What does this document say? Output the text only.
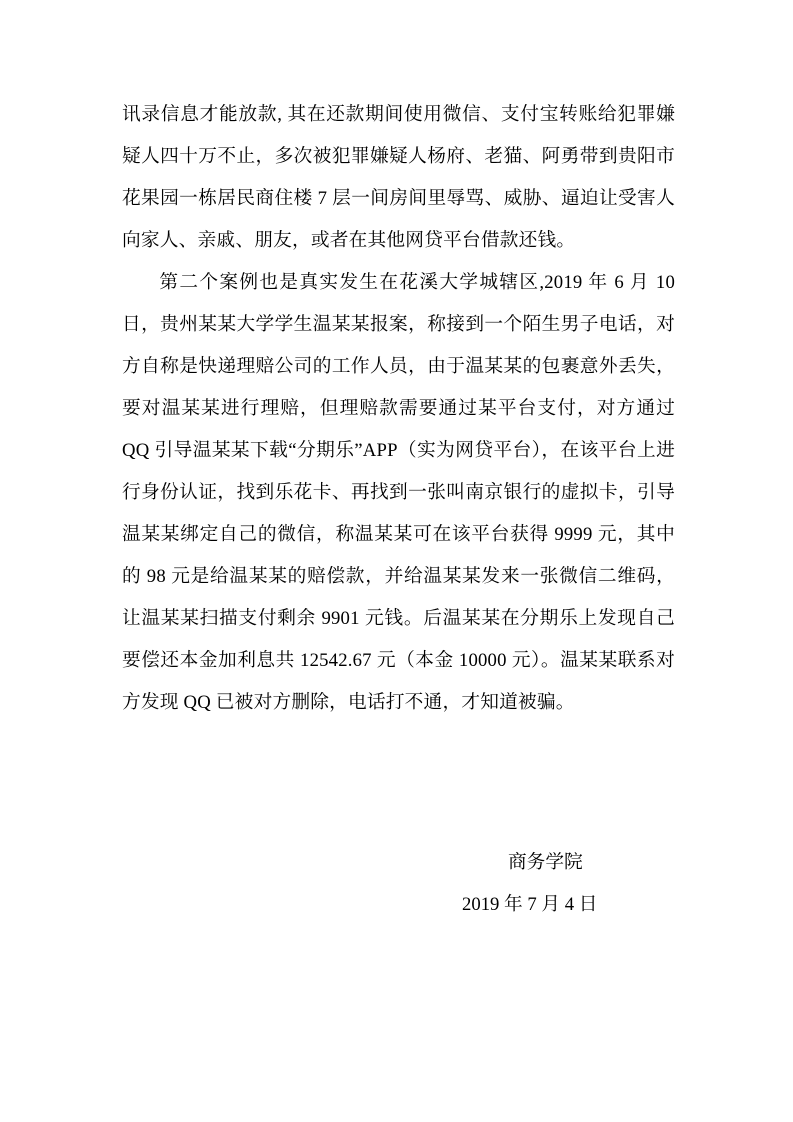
讯录信息才能放款, 其在还款期间使用微信、支付宝转账给犯罪嫌疑人四十万不止，多次被犯罪嫌疑人杨府、老猫、阿勇带到贵阳市花果园一栋居民商住楼 7 层一间房间里辱骂、威胁、逼迫让受害人向家人、亲戚、朋友，或者在其他网贷平台借款还钱。

第二个案例也是真实发生在花溪大学城辖区,2019 年 6 月 10 日，贵州某某大学学生温某某报案，称接到一个陌生男子电话，对方自称是快递理赔公司的工作人员，由于温某某的包裹意外丢失，要对温某某进行理赔，但理赔款需要通过某平台支付，对方通过 QQ 引导温某某下载“分期乐”APP（实为网贷平台），在该平台上进行身份认证，找到乐花卡、再找到一张叫南京银行的虚拟卡，引导温某某绑定自己的微信，称温某某可在该平台获得 9999 元，其中的 98 元是给温某某的赔偿款，并给温某某发来一张微信二维码，让温某某扫描支付剩余 9901 元钱。后温某某在分期乐上发现自己要偿还本金加利息共 12542.67 元（本金 10000 元）。温某某联系对方发现 QQ 已被对方删除，电话打不通，才知道被骗。

商务学院
2019 年 7 月 4 日
